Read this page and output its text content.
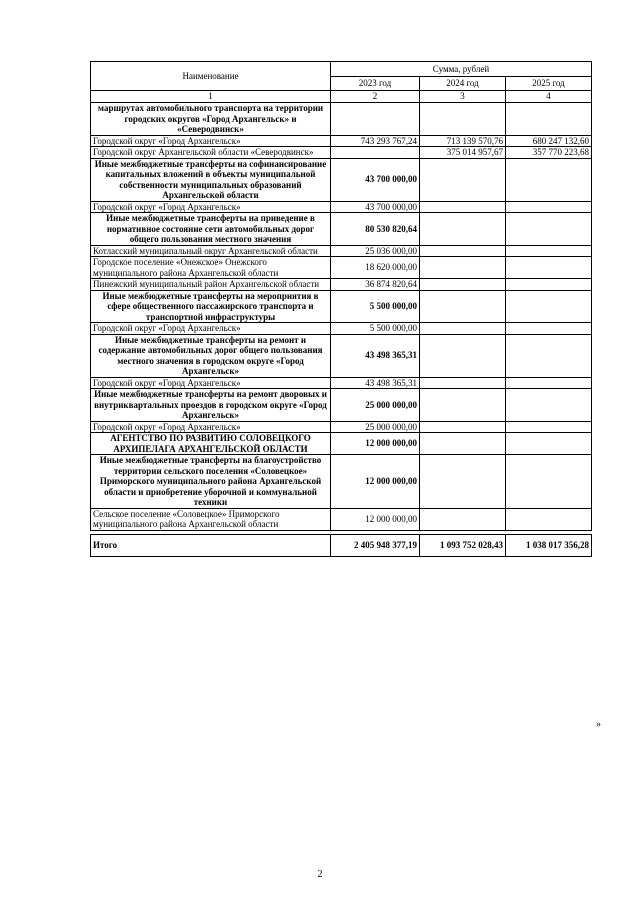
Наименование	Сумма, рублей		
	2023 год	2024 год	2025 год
1	2	3	4
маршрутах автомобильного транспорта на территории городских округов «Город Архангельск» и «Северодвинск»			
Городской округ «Город Архангельск»	743 293 767,24	713 139 570,76	680 247 132,60
Городской округ Архангельской области «Северодвинск»		375 014 957,67	357 770 223,68
Иные межбюджетные трансферты на софинансирование капитальных вложений в объекты муниципальной собственности муниципальных образований Архангельской области	43 700 000,00		
Городской округ «Город Архангельск»	43 700 000,00		
Иные межбюджетные трансферты на приведение в нормативное состояние сети автомобильных дорог общего пользования местного значения	80 530 820,64		
Котласский муниципальный округ Архангельской области	25 036 000,00		
Городское поселение «Онежское» Онежского муниципального района Архангельской области	18 620 000,00		
Пинежский муниципальный район Архангельской области	36 874 820,64		
Иные межбюджетные трансферты на мероприятия в сфере общественного пассажирского транспорта и транспортной инфраструктуры	5 500 000,00		
Городской округ «Город Архангельск»	5 500 000,00		
Иные межбюджетные трансферты на ремонт и содержание автомобильных дорог общего пользования местного значения в городском округе «Город Архангельск»	43 498 365,31		
Городской округ «Город Архангельск»	43 498 365,31		
Иные межбюджетные трансферты на ремонт дворовых и внутриквартальных проездов в городском округе «Город Архангельск»	25 000 000,00		
Городской округ «Город Архангельск»	25 000 000,00		
АГЕНТСТВО ПО РАЗВИТИЮ СОЛОВЕЦКОГО АРХИПЕЛАГА АРХАНГЕЛЬСКОЙ ОБЛАСТИ	12 000 000,00		
Иные межбюджетные трансферты на благоустройство территории сельского поселения «Соловецкое» Приморского муниципального района Архангельской области и приобретение уборочной и коммунальной техники	12 000 000,00		
Сельское поселение «Соловецкое» Приморского муниципального района Архангельской области	12 000 000,00		

Итого	2 405 948 377,19	1 093 752 028,43	1 038 017 356,28
»
2
